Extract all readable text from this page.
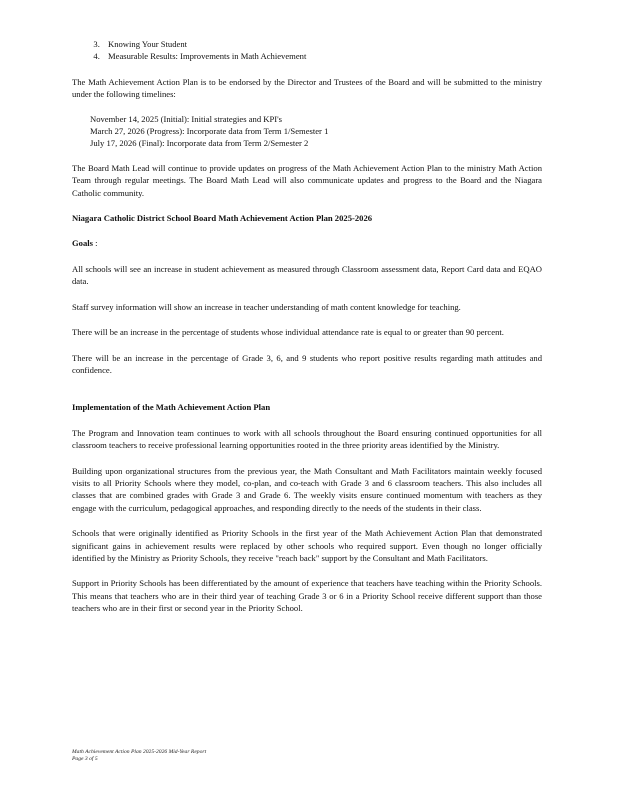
3. Knowing Your Student
4. Measurable Results: Improvements in Math Achievement

The Math Achievement Action Plan is to be endorsed by the Director and Trustees of the Board and will be submitted to the ministry under the following timelines:

November 14, 2025 (Initial): Initial strategies and KPI's
March 27, 2026 (Progress): Incorporate data from Term 1/Semester 1
July 17, 2026 (Final): Incorporate data from Term 2/Semester 2

The Board Math Lead will continue to provide updates on progress of the Math Achievement Action Plan to the ministry Math Action Team through regular meetings. The Board Math Lead will also communicate updates and progress to the Board and the Niagara Catholic community.

Niagara Catholic District School Board Math Achievement Action Plan 2025-2026

Goals :

All schools will see an increase in student achievement as measured through Classroom assessment data, Report Card data and EQAO data.

Staff survey information will show an increase in teacher understanding of math content knowledge for teaching.

There will be an increase in the percentage of students whose individual attendance rate is equal to or greater than 90 percent.

There will be an increase in the percentage of Grade 3, 6, and 9 students who report positive results regarding math attitudes and confidence.

Implementation of the Math Achievement Action Plan

The Program and Innovation team continues to work with all schools throughout the Board ensuring continued opportunities for all classroom teachers to receive professional learning opportunities rooted in the three priority areas identified by the Ministry.

Building upon organizational structures from the previous year, the Math Consultant and Math Facilitators maintain weekly focused visits to all Priority Schools where they model, co-plan, and co-teach with Grade 3 and 6 classroom teachers. This also includes all classes that are combined grades with Grade 3 and Grade 6. The weekly visits ensure continued momentum with teachers as they engage with the curriculum, pedagogical approaches, and responding directly to the needs of the students in their class.

Schools that were originally identified as Priority Schools in the first year of the Math Achievement Action Plan that demonstrated significant gains in achievement results were replaced by other schools who required support. Even though no longer officially identified by the Ministry as Priority Schools, they receive "reach back" support by the Consultant and Math Facilitators.

Support in Priority Schools has been differentiated by the amount of experience that teachers have teaching within the Priority Schools. This means that teachers who are in their third year of teaching Grade 3 or 6 in a Priority School receive different support than those teachers who are in their first or second year in the Priority School.

Math Achievement Action Plan 2025-2026 Mid-Year Report
Page 3 of 5
